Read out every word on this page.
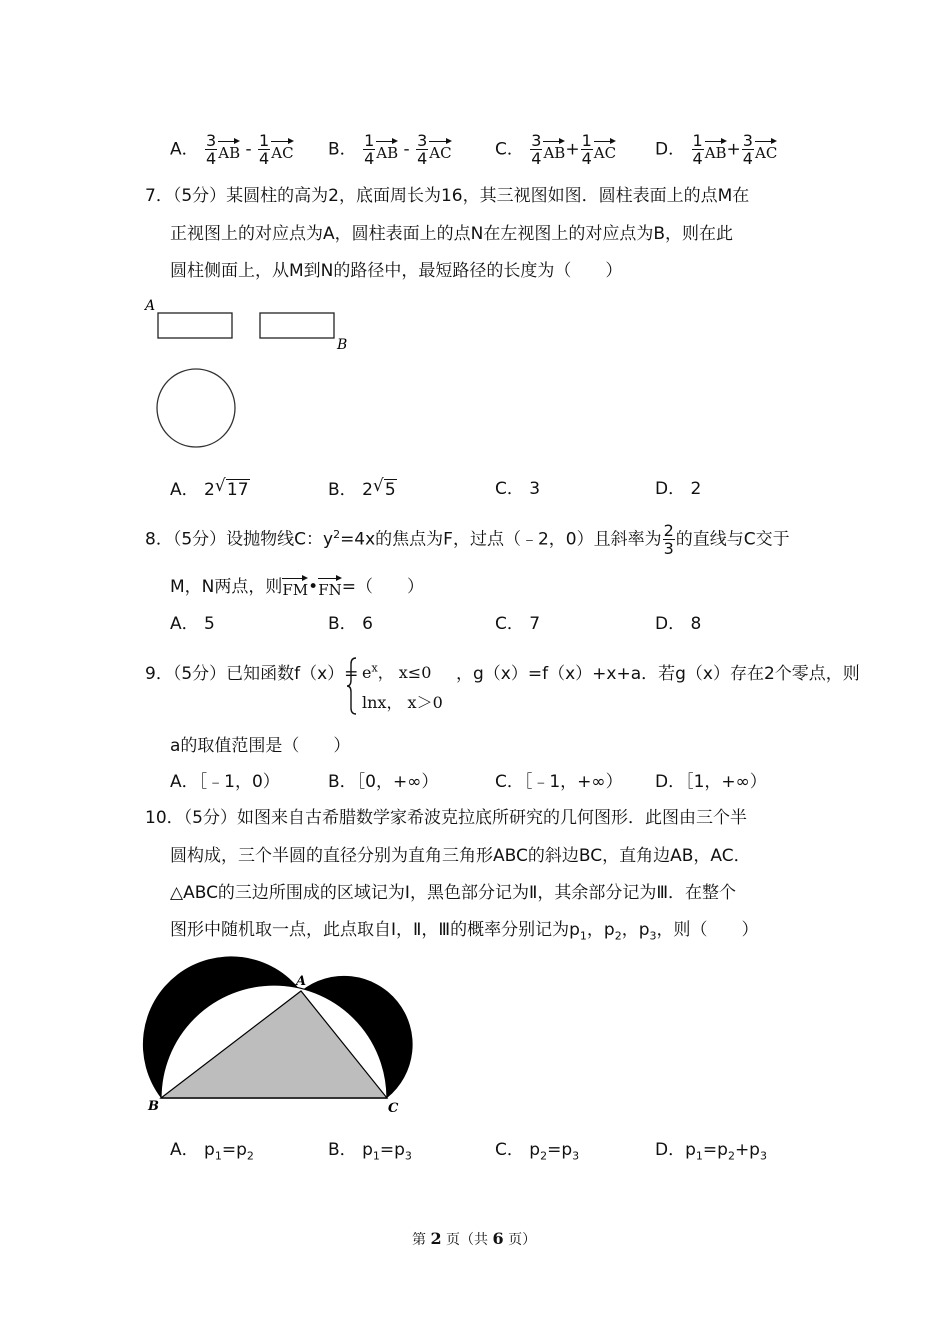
A． $\frac{3}{4}$ AB - $\frac{1}{4}$ AC B． $\frac{1}{4}$ AB - $\frac{3}{4}$ AC	C． $\frac{3}{4} AB+ \frac{1}{4}$ AC D． $\frac{1}{4} AB+ \frac{3}{4}$ AC
7．（5分）某圆柱的高为2，底面周长为16，其三视图如图．圆柱表面上的点M在
正视图上的对应点为A，圆柱表面上的点N在左视图上的对应点为B，则在此
圆柱侧面上，从M到N的路径中，最短路径的长度为（　　）
A
B
A． 2 √ 17	B． 2 √ 5	C． 3	D． 2
8．（5分）设抛物线C：$y^2=4x$的焦点为F，过点（﹣2，0）且斜率为 $\frac{2}{3}$ 的直线与C交于
M，N两点，则FM•FN=（　　）
A． 5	B． 6	C． 7	D． 8
9．（5分）已知函数$f(x)= e^x$， x≤0
lnx， x＞0
，g（x）=f（x）+x+a．若g（x）存在2个零点，则
a的取值范围是（　　）
A．［﹣1，0）	B．［0，+∞）	C．［﹣1，+∞） D．［1，+∞）
10．（5分）如图来自古希腊数学家希波克拉底所研究的几何图形．此图由三个半
圆构成，三个半圆的直径分别为直角三角形ABC的斜边BC，直角边AB，AC．
△ABC的三边所围成的区域记为Ⅰ，黑色部分记为Ⅱ，其余部分记为Ⅲ．在整个
图形中随机取一点，此点取自Ⅰ，Ⅱ，Ⅲ的概率分别记为$p_1$，$p_2$，$p_3$，则（　　）
A
B	C
A． $p_1=p_2$	B． $p_1=p_3$	C． $p_2=p_3$	D．$p_1=p_2+p_3$
第 2 页（共 6 页）
